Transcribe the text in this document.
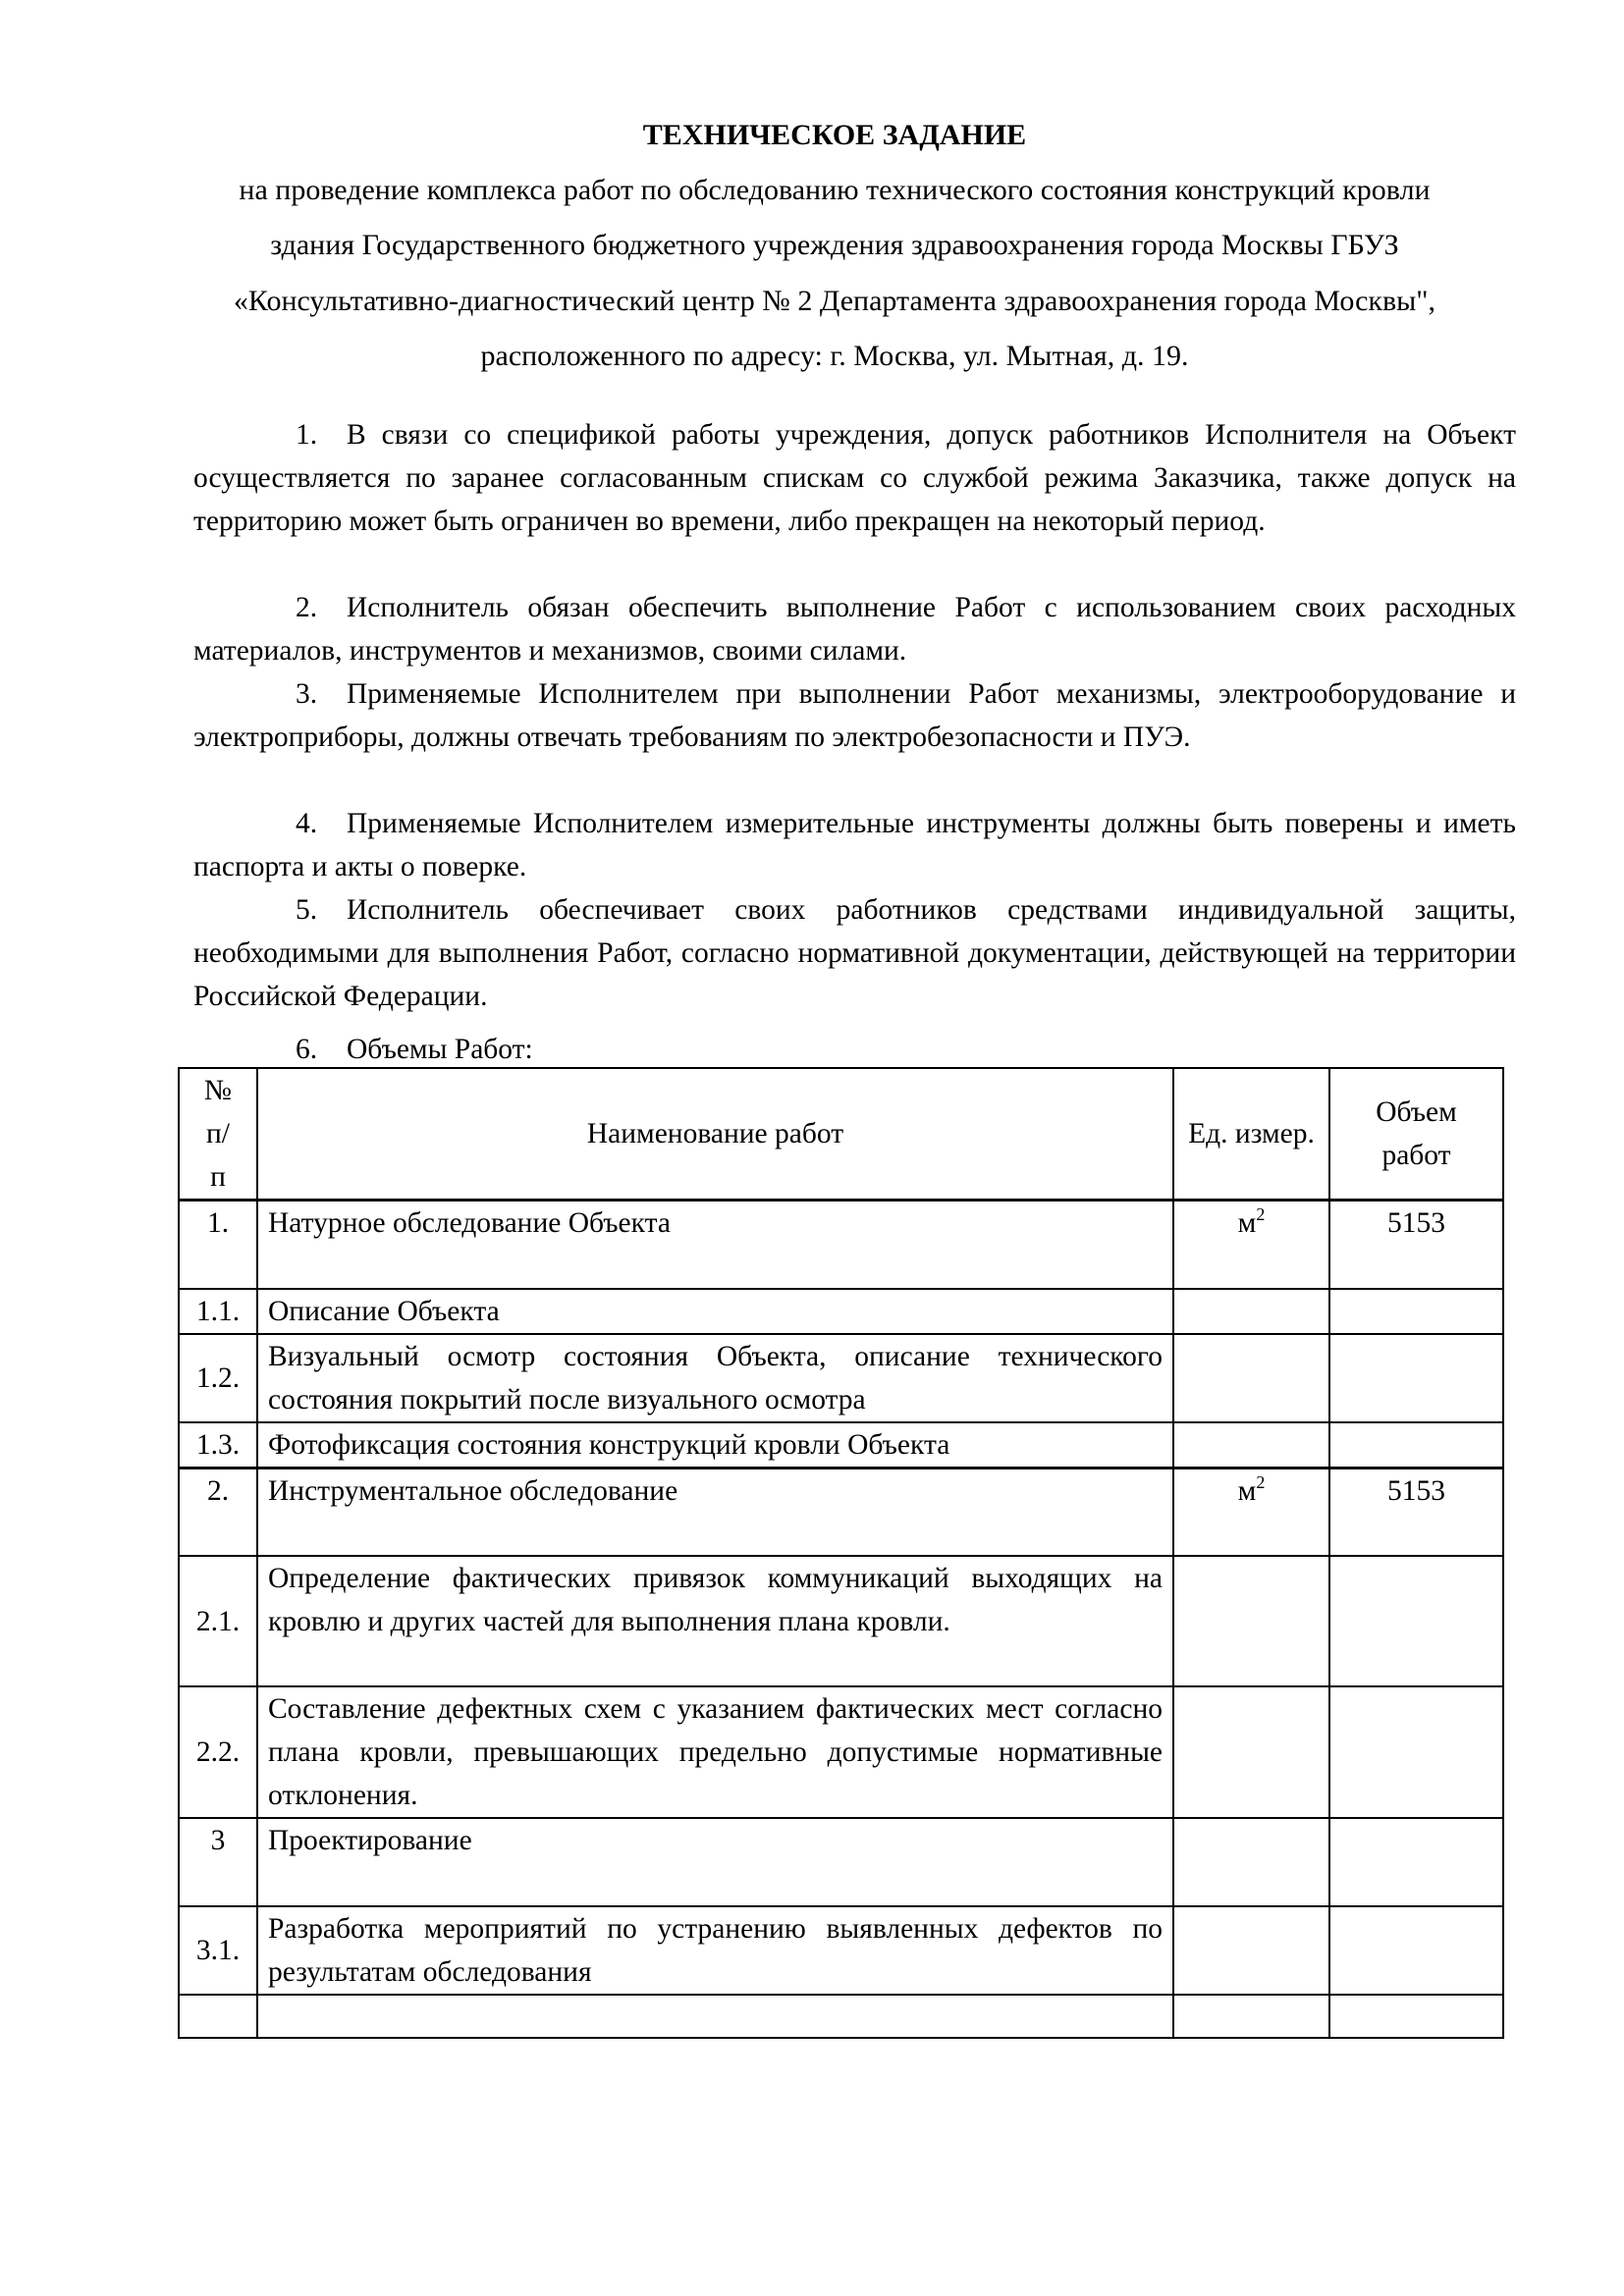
ТЕХНИЧЕСКОЕ ЗАДАНИЕ
на проведение комплекса работ по обследованию технического состояния конструкций кровли
здания Государственного бюджетного учреждения здравоохранения города Москвы ГБУЗ
«Консультативно-диагностический центр № 2 Департамента здравоохранения города Москвы",
расположенного по адресу: г. Москва, ул. Мытная, д. 19.

1. В связи со спецификой работы учреждения, допуск работников Исполнителя на Объект осуществляется по заранее согласованным спискам со службой режима Заказчика, также допуск на территорию может быть ограничен во времени, либо прекращен на некоторый период.

2. Исполнитель обязан обеспечить выполнение Работ с использованием своих расходных материалов, инструментов и механизмов, своими силами.

3. Применяемые Исполнителем при выполнении Работ механизмы, электрооборудование и электроприборы, должны отвечать требованиям по электробезопасности и ПУЭ.

4. Применяемые Исполнителем измерительные инструменты должны быть поверены и иметь паспорта и акты о поверке.

5. Исполнитель обеспечивает своих работников средствами индивидуальной защиты, необходимыми для выполнения Работ, согласно нормативной документации, действующей на территории Российской Федерации.

6. Объемы Работ:
№ п/п	Наименование работ	Ед. измер.	Объем работ
1.	Натурное обследование Объекта	$м^2$	5153
1.1.	Описание Объекта		
1.2.	Визуальный осмотр состояния Объекта, описание технического состояния покрытий после визуального осмотра		
1.3.	Фотофиксация состояния конструкций кровли Объекта		
2.	Инструментальное обследование	$м^2$	5153
2.1.	Определение фактических привязок коммуникаций выходящих на кровлю и других частей для выполнения плана кровли.		
2.2.	Составление дефектных схем с указанием фактических мест согласно плана кровли, превышающих предельно допустимые нормативные отклонения.		
3	Проектирование		
3.1.	Разработка мероприятий по устранению выявленных дефектов по результатам обследования		
